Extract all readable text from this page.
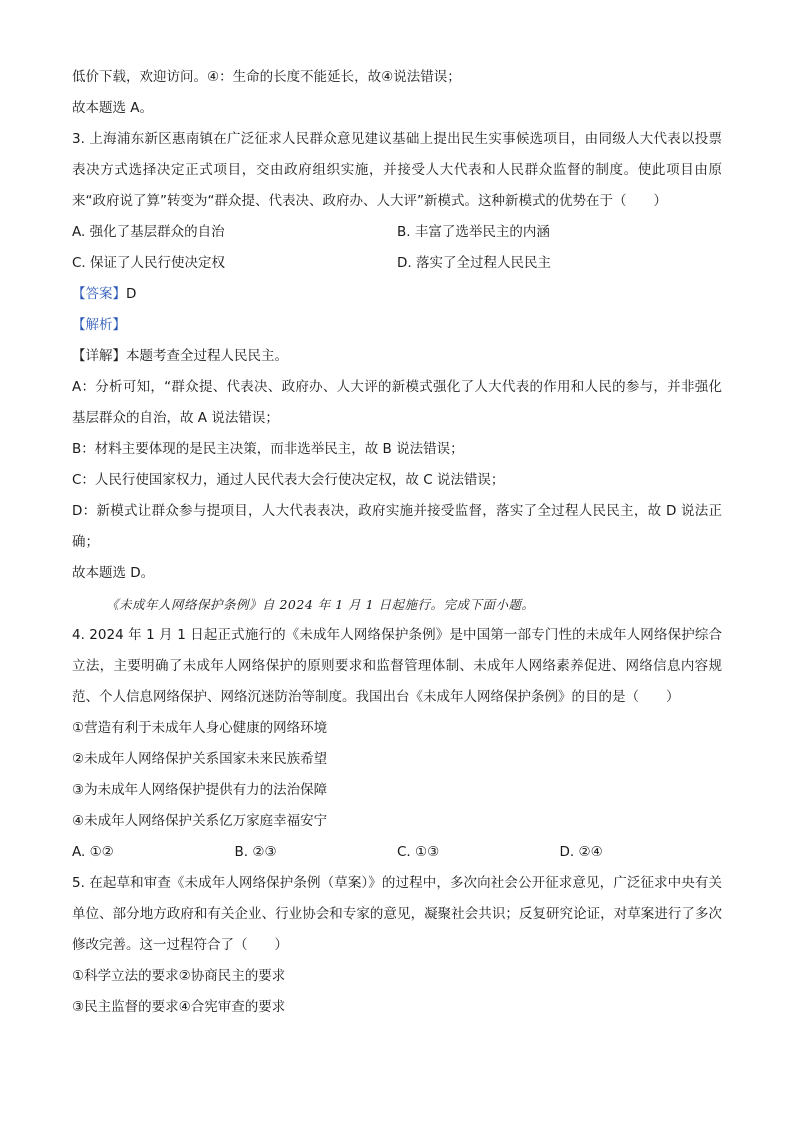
低价下载，欢迎访问。④：生命的长度不能延长，故④说法错误；
故本题选 A。
3. 上海浦东新区惠南镇在广泛征求人民群众意见建议基础上提出民生实事候选项目，由同级人大代表以投票表决方式选择决定正式项目，交由政府组织实施，并接受人大代表和人民群众监督的制度。使此项目由原来“政府说了算”转变为“群众提、代表决、政府办、人大评”新模式。这种新模式的优势在于（　　）
A. 强化了基层群众的自治	B. 丰富了选举民主的内涵
C. 保证了人民行使决定权	D. 落实了全过程人民民主
【答案】D
【解析】
【详解】本题考查全过程人民民主。
A：分析可知，“群众提、代表决、政府办、人大评的新模式强化了人大代表的作用和人民的参与，并非强化基层群众的自治，故 A 说法错误；
B：材料主要体现的是民主决策，而非选举民主，故 B 说法错误；
C：人民行使国家权力，通过人民代表大会行使决定权，故 C 说法错误；
D：新模式让群众参与提项目，人大代表表决，政府实施并接受监督，落实了全过程人民民主，故 D 说法正确；
故本题选 D。
《未成年人网络保护条例》自 2024 年 1 月 1 日起施行。完成下面小题。
4. 2024 年 1 月 1 日起正式施行的《未成年人网络保护条例》是中国第一部专门性的未成年人网络保护综合立法，主要明确了未成年人网络保护的原则要求和监督管理体制、未成年人网络素养促进、网络信息内容规范、个人信息网络保护、网络沉迷防治等制度。我国出台《未成年人网络保护条例》的目的是（　　）
①营造有利于未成年人身心健康的网络环境
②未成年人网络保护关系国家未来民族希望
③为未成年人网络保护提供有力的法治保障
④未成年人网络保护关系亿万家庭幸福安宁
A. ①②	B. ②③	C. ①③	D. ②④
5. 在起草和审查《未成年人网络保护条例（草案）》的过程中，多次向社会公开征求意见，广泛征求中央有关单位、部分地方政府和有关企业、行业协会和专家的意见，凝聚社会共识；反复研究论证，对草案进行了多次修改完善。这一过程符合了（　　）
①科学立法的要求②协商民主的要求
③民主监督的要求④合宪审查的要求
